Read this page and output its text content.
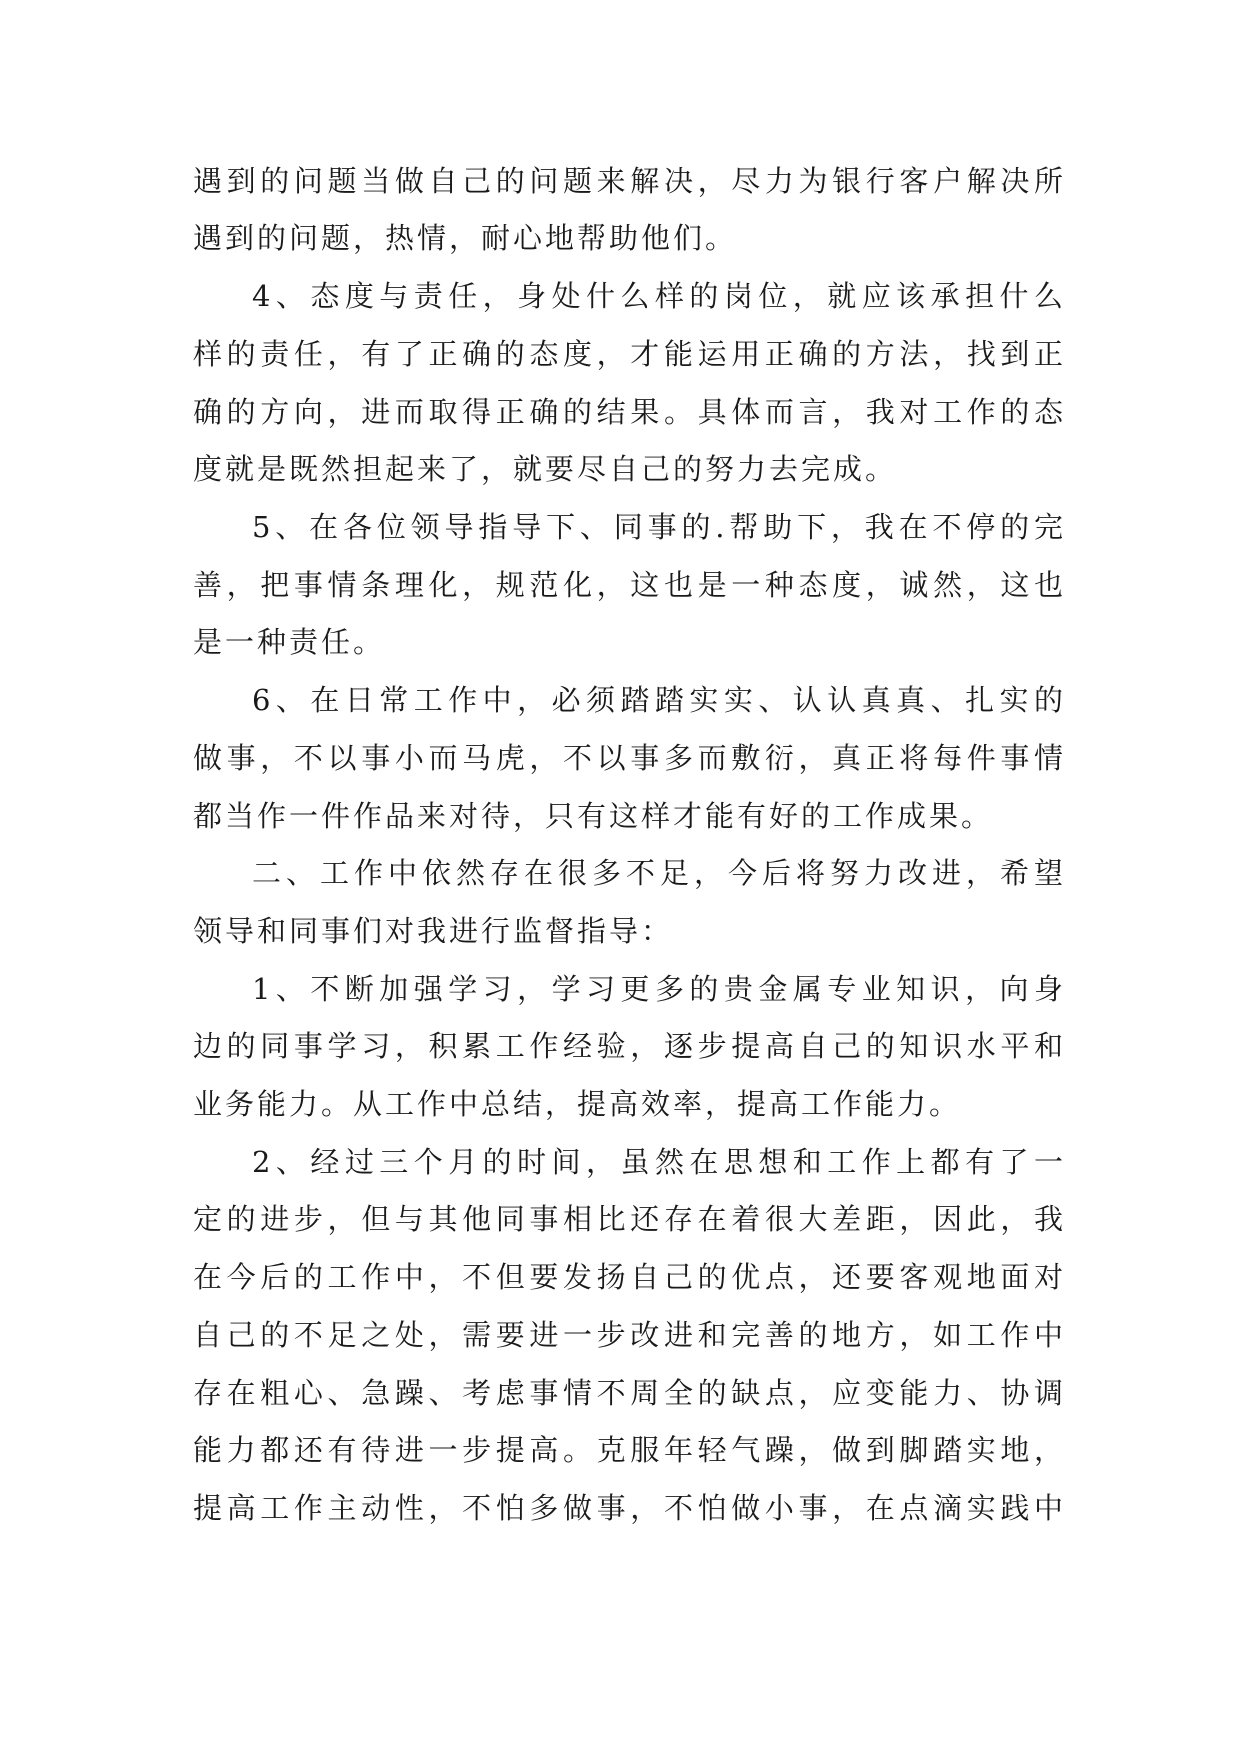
遇到的问题当做自己的问题来解决，尽力为银行客户解决所
遇到的问题，热情，耐心地帮助他们。
4、态度与责任，身处什么样的岗位，就应该承担什么
样的责任，有了正确的态度，才能运用正确的方法，找到正
确的方向，进而取得正确的结果。具体而言，我对工作的态
度就是既然担起来了，就要尽自己的努力去完成。
5、在各位领导指导下、同事的.帮助下，我在不停的完
善，把事情条理化，规范化，这也是一种态度，诚然，这也
是一种责任。
6、在日常工作中，必须踏踏实实、认认真真、扎实的
做事，不以事小而马虎，不以事多而敷衍，真正将每件事情
都当作一件作品来对待，只有这样才能有好的工作成果。
二、工作中依然存在很多不足，今后将努力改进，希望
领导和同事们对我进行监督指导：
1、不断加强学习，学习更多的贵金属专业知识，向身
边的同事学习，积累工作经验，逐步提高自己的知识水平和
业务能力。从工作中总结，提高效率，提高工作能力。
2、经过三个月的时间，虽然在思想和工作上都有了一
定的进步，但与其他同事相比还存在着很大差距，因此，我
在今后的工作中，不但要发扬自己的优点，还要客观地面对
自己的不足之处，需要进一步改进和完善的地方，如工作中
存在粗心、急躁、考虑事情不周全的缺点，应变能力、协调
能力都还有待进一步提高。克服年轻气躁，做到脚踏实地，
提高工作主动性，不怕多做事，不怕做小事，在点滴实践中
